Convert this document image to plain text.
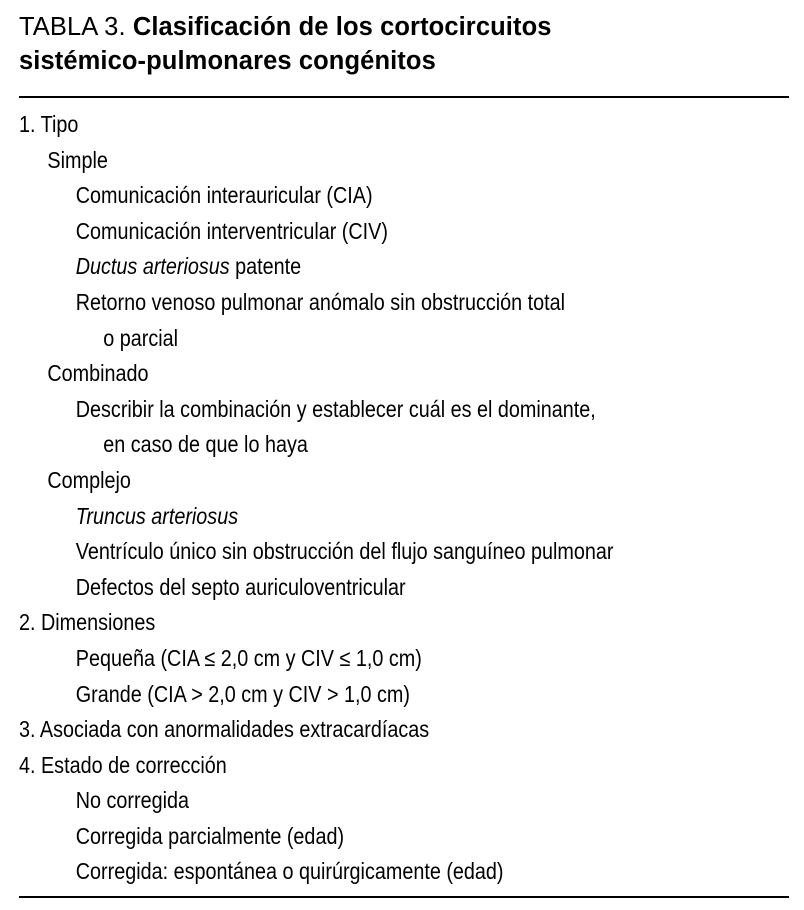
TABLA 3. Clasificación de los cortocircuitos
sistémico-pulmonares congénitos
1. Tipo
Simple
Comunicación interauricular (CIA)
Comunicación interventricular (CIV)
Ductus arteriosus patente
Retorno venoso pulmonar anómalo sin obstrucción total
o parcial
Combinado
Describir la combinación y establecer cuál es el dominante,
en caso de que lo haya
Complejo
Truncus arteriosus
Ventrículo único sin obstrucción del flujo sanguíneo pulmonar
Defectos del septo auriculoventricular
2. Dimensiones
Pequeña (CIA ≤ 2,0 cm y CIV ≤ 1,0 cm)
Grande (CIA > 2,0 cm y CIV > 1,0 cm)
3. Asociada con anormalidades extracardíacas
4. Estado de corrección
No corregida
Corregida parcialmente (edad)
Corregida: espontánea o quirúrgicamente (edad)
